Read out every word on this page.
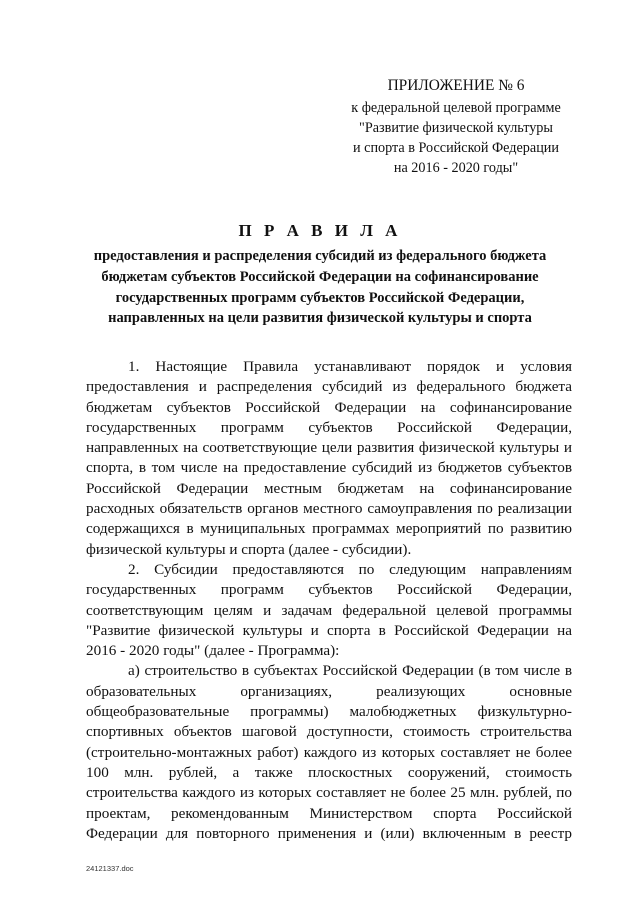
ПРИЛОЖЕНИЕ № 6
к федеральной целевой программе
"Развитие физической культуры
и спорта в Российской Федерации
на 2016 - 2020 годы"
П Р А В И Л А
предоставления и распределения субсидий из федерального бюджета
бюджетам субъектов Российской Федерации на софинансирование
государственных программ субъектов Российской Федерации,
направленных на цели развития физической культуры и спорта
1. Настоящие Правила устанавливают порядок и условия
предоставления и распределения субсидий из федерального бюджета
бюджетам субъектов Российской Федерации на софинансирование
государственных программ субъектов Российской Федерации,
направленных на соответствующие цели развития физической культуры и
спорта, в том числе на предоставление субсидий из бюджетов субъектов
Российской Федерации местным бюджетам на софинансирование
расходных обязательств органов местного самоуправления по реализации
содержащихся в муниципальных программах мероприятий по развитию
физической культуры и спорта (далее - субсидии).
2. Субсидии предоставляются по следующим направлениям
государственных программ субъектов Российской Федерации,
соответствующим целям и задачам федеральной целевой программы
"Развитие физической культуры и спорта в Российской Федерации на
2016 - 2020 годы" (далее - Программа):
а) строительство в субъектах Российской Федерации (в том числе в
образовательных организациях, реализующих основные
общеобразовательные программы) малобюджетных физкультурно-
спортивных объектов шаговой доступности, стоимость строительства
(строительно-монтажных работ) каждого из которых составляет не более
100 млн. рублей, а также плоскостных сооружений, стоимость
строительства каждого из которых составляет не более 25 млн. рублей, по
проектам, рекомендованным Министерством спорта Российской
Федерации для повторного применения и (или) включенным в реестр
24121337.doc
